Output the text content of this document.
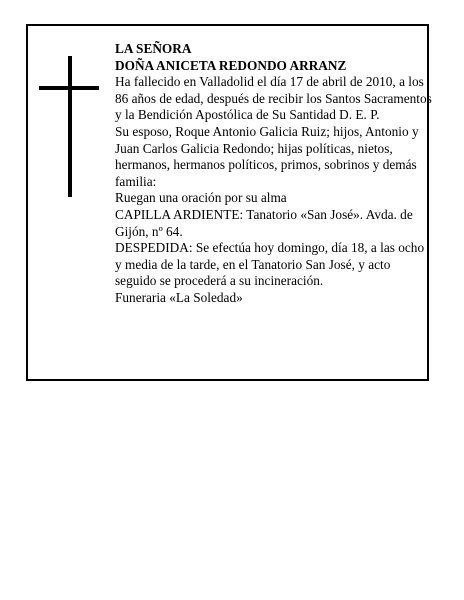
LA SEÑORA

DOÑA ANICETA REDONDO ARRANZ

Ha fallecido en Valladolid el día 17 de abril de 2010, a los 86 años de edad, después de recibir los Santos Sacramentos y la Bendición Apostólica de Su Santidad D. E. P.

Su esposo, Roque Antonio Galicia Ruiz; hijos, Antonio y Juan Carlos Galicia Redondo; hijas políticas, nietos, hermanos, hermanos políticos, primos, sobrinos y demás familia:

Ruegan una oración por su alma

CAPILLA ARDIENTE: Tanatorio «San José». Avda. de Gijón, nº 64.

DESPEDIDA: Se efectúa hoy domingo, día 18, a las ocho y media de la tarde, en el Tanatorio San José, y acto seguido se procederá a su incineración.

Funeraria «La Soledad»
